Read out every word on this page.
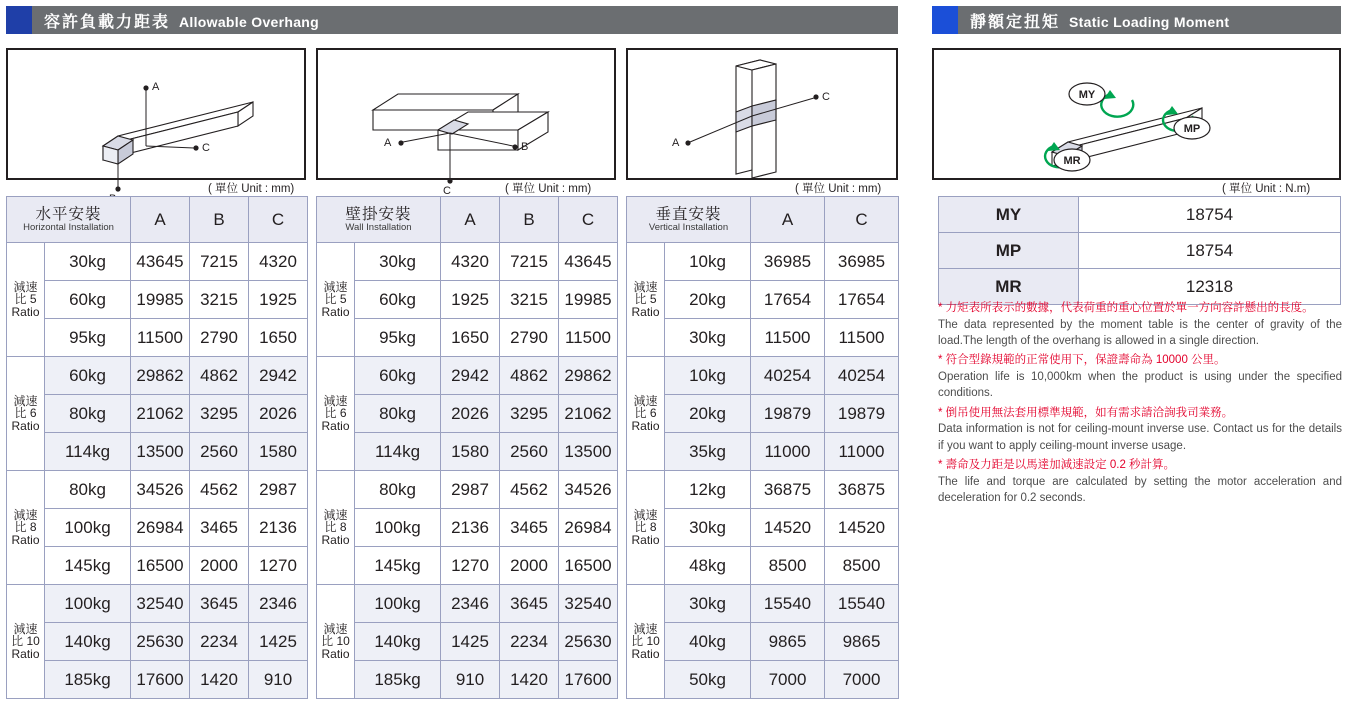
容許負載力距表 Allowable Overhang	靜額定扭矩 Static Loading Moment
A
C	A
C
B	A
C	MY
MP
MR
( 單位 Unit : mm)	( 單位 Unit : mm)	( 單位 Unit : mm)	( 單位 Unit : N.m)
水平安裝
Horizontal Installation		A	B	C

減速
比 5
Ratio	30kg	43645	7215	4320
	60kg	19985	3215	1925
	95kg	11500	2790	1650

減速
比 6
Ratio	60kg	29862	4862	2942
	80kg	21062	3295	2026
	114kg	13500	2560	1580

減速
比 8
Ratio	80kg	34526	4562	2987
	100kg	26984	3465	2136
	145kg	16500	2000	1270

減速
比 10
Ratio	100kg	32540	3645	2346
	140kg	25630	2234	1425
	185kg	17600	1420	910
壁掛安裝
Wall Installation		A	B	C

減速
比 5
Ratio	30kg	4320	7215	43645
	60kg	1925	3215	19985
	95kg	1650	2790	11500

減速
比 6
Ratio	60kg	2942	4862	29862
	80kg	2026	3295	21062
	114kg	1580	2560	13500

減速
比 8
Ratio	80kg	2987	4562	34526
	100kg	2136	3465	26984
	145kg	1270	2000	16500

減速
比 10
Ratio	100kg	2346	3645	32540
	140kg	1425	2234	25630
	185kg	910	1420	17600
垂直安裝
Vertical Installation		A	C

減速
比 5
Ratio	10kg	36985	36985
	20kg	17654	17654
	30kg	11500	11500

減速
比 6
Ratio	10kg	40254	40254
	20kg	19879	19879
	35kg	11000	11000

減速
比 8
Ratio	12kg	36875	36875
	30kg	14520	14520
	48kg	8500	8500

減速
比 10
Ratio	30kg	15540	15540
	40kg	9865	9865
	50kg	7000	7000
MY	18754
MP	18754
MR	12318
* 力矩表所表示的數據，代表荷重的重心位置於單一方向容許懸出的長度。
The data represented by the moment table is the center of gravity of the load.The length of the overhang is allowed in a single direction.
* 符合型錄規範的正常使用下，保證壽命為 10000 公里。
Operation life is 10,000km when the product is using under the specified conditions.
* 倒吊使用無法套用標準規範，如有需求請洽詢我司業務。
Data information is not for ceiling-mount inverse use. Contact us for the details if you want to apply ceiling-mount inverse usage.
* 壽命及力距是以馬達加減速設定 0.2 秒計算。
The life and torque are calculated by setting the motor acceleration and deceleration for 0.2 seconds.
